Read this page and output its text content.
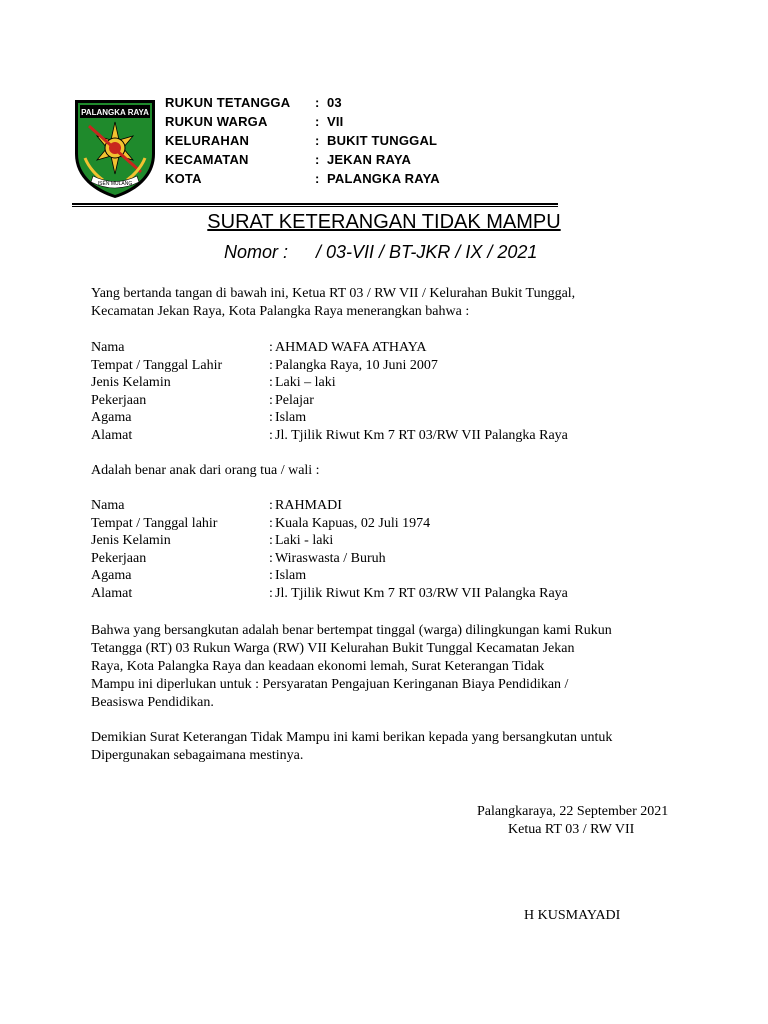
PALANGKA RAYA
ISEN MULANG
RUKUN TETANGGA : 03
RUKUN WARGA	: VII
KELURAHAN	: BUKIT TUNGGAL
KECAMATAN	: JEKAN RAYA
KOTA	: PALANGKA RAYA
SURAT KETERANGAN TIDAK MAMPU
Nomor : / 03-VII / BT-JKR / IX / 2021
Yang bertanda tangan di bawah ini, Ketua RT 03 / RW VII / Kelurahan Bukit Tunggal,
Kecamatan Jekan Raya, Kota Palangka Raya menerangkan bahwa :
Nama	: AHMAD WAFA ATHAYA
Tempat / Tanggal Lahir	: Palangka Raya, 10 Juni 2007
Jenis Kelamin	: Laki – laki
Pekerjaan	: Pelajar
Agama	: Islam
Alamat	: Jl. Tjilik Riwut Km 7 RT 03/RW VII Palangka Raya
Adalah benar anak dari orang tua / wali :
Nama	: RAHMADI
Tempat / Tanggal lahir	: Kuala Kapuas, 02 Juli 1974
Jenis Kelamin	: Laki - laki
Pekerjaan	: Wiraswasta / Buruh
Agama	: Islam
Alamat	: Jl. Tjilik Riwut Km 7 RT 03/RW VII Palangka Raya
Bahwa yang bersangkutan adalah benar bertempat tinggal (warga) dilingkungan kami Rukun
Tetangga (RT) 03 Rukun Warga (RW) VII Kelurahan Bukit Tunggal Kecamatan Jekan
Raya, Kota Palangka Raya dan keadaan ekonomi lemah, Surat Keterangan Tidak
Mampu ini diperlukan untuk : Persyaratan Pengajuan Keringanan Biaya Pendidikan /
Beasiswa Pendidikan.
Demikian Surat Keterangan Tidak Mampu ini kami berikan kepada yang bersangkutan untuk
Dipergunakan sebagaimana mestinya.
Palangkaraya, 22 September 2021
Ketua RT 03 / RW VII
H KUSMAYADI
